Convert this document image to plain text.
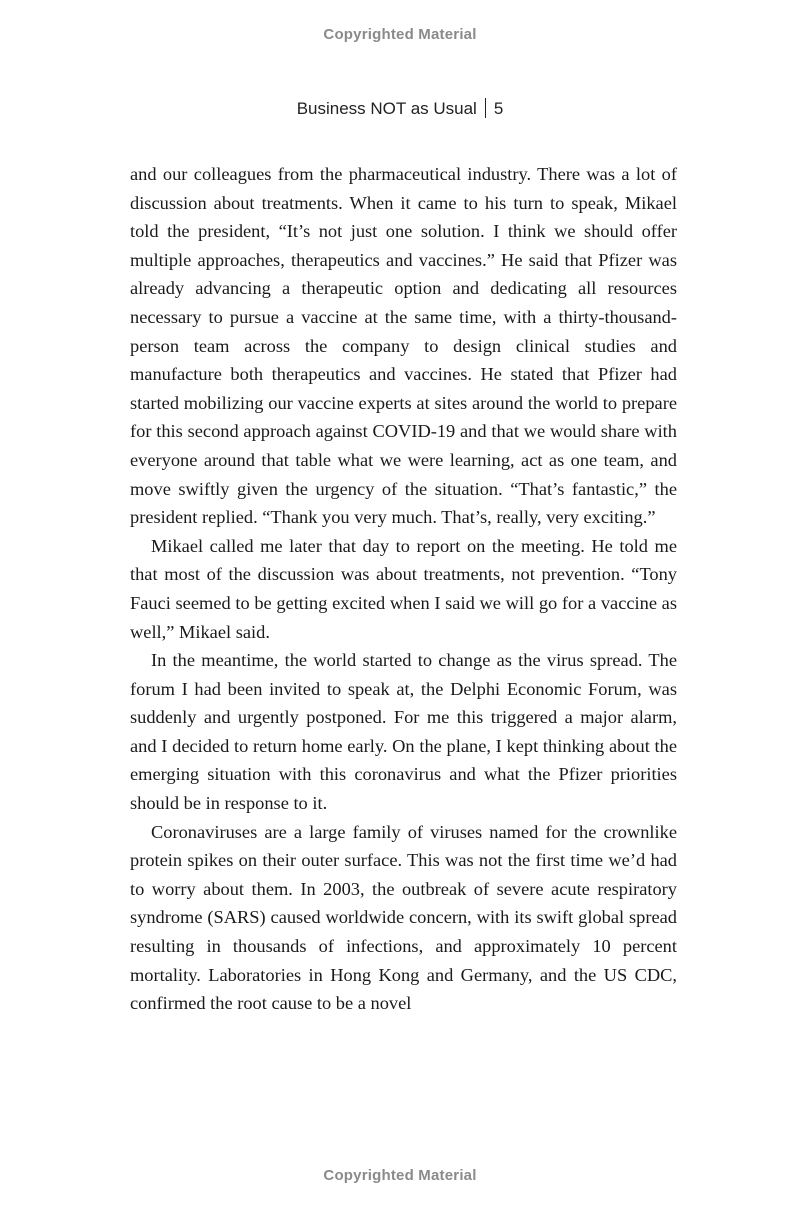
Copyrighted Material
Business NOT as Usual 5

and our colleagues from the pharmaceutical industry. There was a lot of discussion about treatments. When it came to his turn to speak, Mikael told the president, “It’s not just one solution. I think we should offer multiple approaches, therapeutics and vaccines.” He said that Pfizer was already advancing a therapeutic option and dedicating all resources necessary to pursue a vaccine at the same time, with a thirty-thousand-person team across the company to design clinical studies and manufacture both therapeutics and vaccines. He stated that Pfizer had started mobilizing our vaccine experts at sites around the world to prepare for this second approach against COVID-19 and that we would share with everyone around that table what we were learning, act as one team, and move swiftly given the urgency of the situation. “That’s fantastic,” the president replied. “Thank you very much. That’s, really, very exciting.”

Mikael called me later that day to report on the meeting. He told me that most of the discussion was about treatments, not prevention. “Tony Fauci seemed to be getting excited when I said we will go for a vaccine as well,” Mikael said.

In the meantime, the world started to change as the virus spread. The forum I had been invited to speak at, the Delphi Economic Forum, was suddenly and urgently postponed. For me this triggered a major alarm, and I decided to return home early. On the plane, I kept thinking about the emerging situation with this coronavirus and what the Pfizer priorities should be in response to it.

Coronaviruses are a large family of viruses named for the crownlike protein spikes on their outer surface. This was not the first time we’d had to worry about them. In 2003, the outbreak of severe acute respiratory syndrome (SARS) caused worldwide concern, with its swift global spread resulting in thousands of infections, and approximately 10 percent mortality. Laboratories in Hong Kong and Germany, and the US CDC, confirmed the root cause to be a novel

Copyrighted Material
